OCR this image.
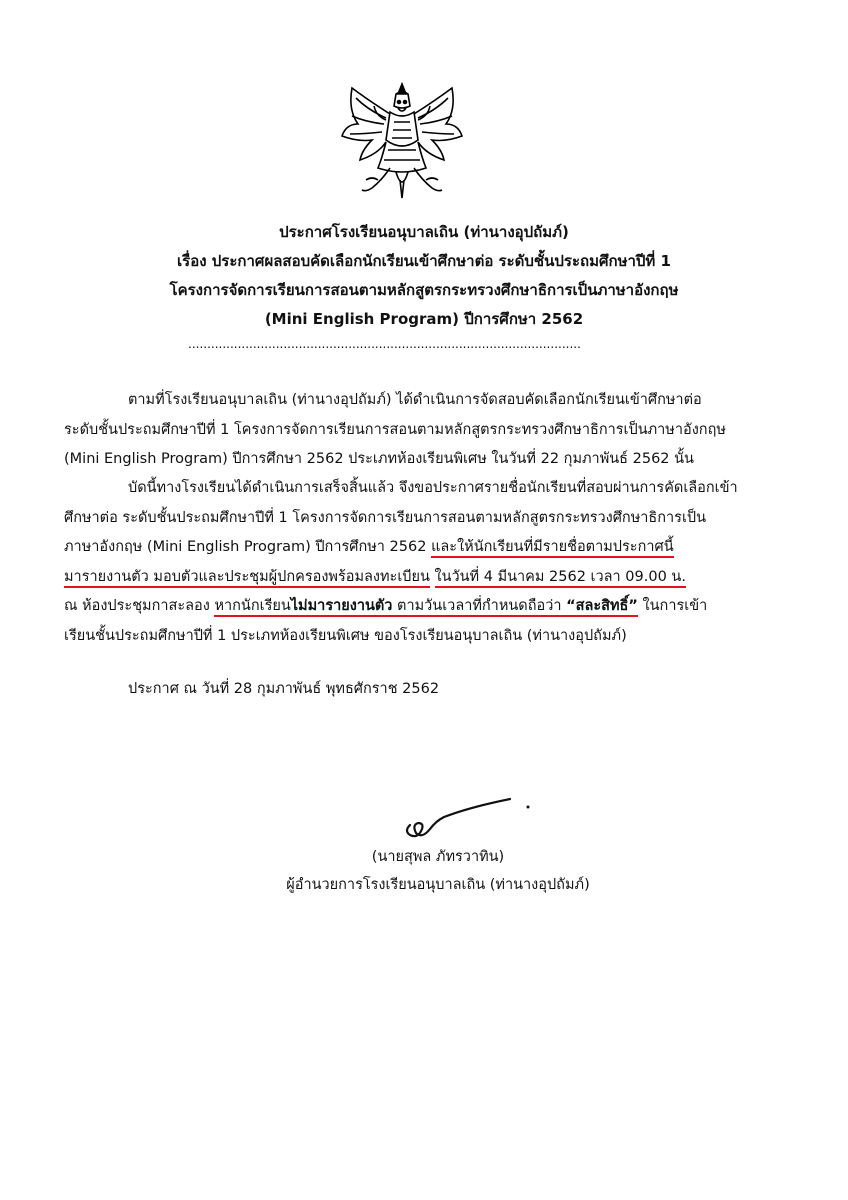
ประกาศโรงเรียนอนุบาลเถิน (ท่านางอุปถัมภ์)
เรื่อง ประกาศผลสอบคัดเลือกนักเรียนเข้าศึกษาต่อ ระดับชั้นประถมศึกษาปีที่ 1
โครงการจัดการเรียนการสอนตามหลักสูตรกระทรวงศึกษาธิการเป็นภาษาอังกฤษ
(Mini English Program) ปีการศึกษา 2562
.......................................................................................................
ตามที่โรงเรียนอนุบาลเถิน (ท่านางอุปถัมภ์) ได้ดำเนินการจัดสอบคัดเลือกนักเรียนเข้าศึกษาต่อ
ระดับชั้นประถมศึกษาปีที่ 1 โครงการจัดการเรียนการสอนตามหลักสูตรกระทรวงศึกษาธิการเป็นภาษาอังกฤษ
(Mini English Program) ปีการศึกษา 2562 ประเภทห้องเรียนพิเศษ ในวันที่ 22 กุมภาพันธ์ 2562 นั้น
บัดนี้ทางโรงเรียนได้ดำเนินการเสร็จสิ้นแล้ว จึงขอประกาศรายชื่อนักเรียนที่สอบผ่านการคัดเลือกเข้า
ศึกษาต่อ ระดับชั้นประถมศึกษาปีที่ 1 โครงการจัดการเรียนการสอนตามหลักสูตรกระทรวงศึกษาธิการเป็น
ภาษาอังกฤษ (Mini English Program) ปีการศึกษา 2562 และให้นักเรียนที่มีรายชื่อตามประกาศนี้
มารายงานตัว มอบตัวและประชุมผู้ปกครองพร้อมลงทะเบียน ในวันที่ 4 มีนาคม 2562 เวลา 09.00 น.
ณ ห้องประชุมกาสะลอง หากนักเรียนไม่มารายงานตัว ตามวันเวลาที่กำหนดถือว่า “สละสิทธิ์” ในการเข้า
เรียนชั้นประถมศึกษาปีที่ 1 ประเภทห้องเรียนพิเศษ ของโรงเรียนอนุบาลเถิน (ท่านางอุปถัมภ์)
ประกาศ ณ วันที่ 28 กุมภาพันธ์ พุทธศักราช 2562
(นายสุพล ภัทรวาทิน)
ผู้อำนวยการโรงเรียนอนุบาลเถิน (ท่านางอุปถัมภ์)
